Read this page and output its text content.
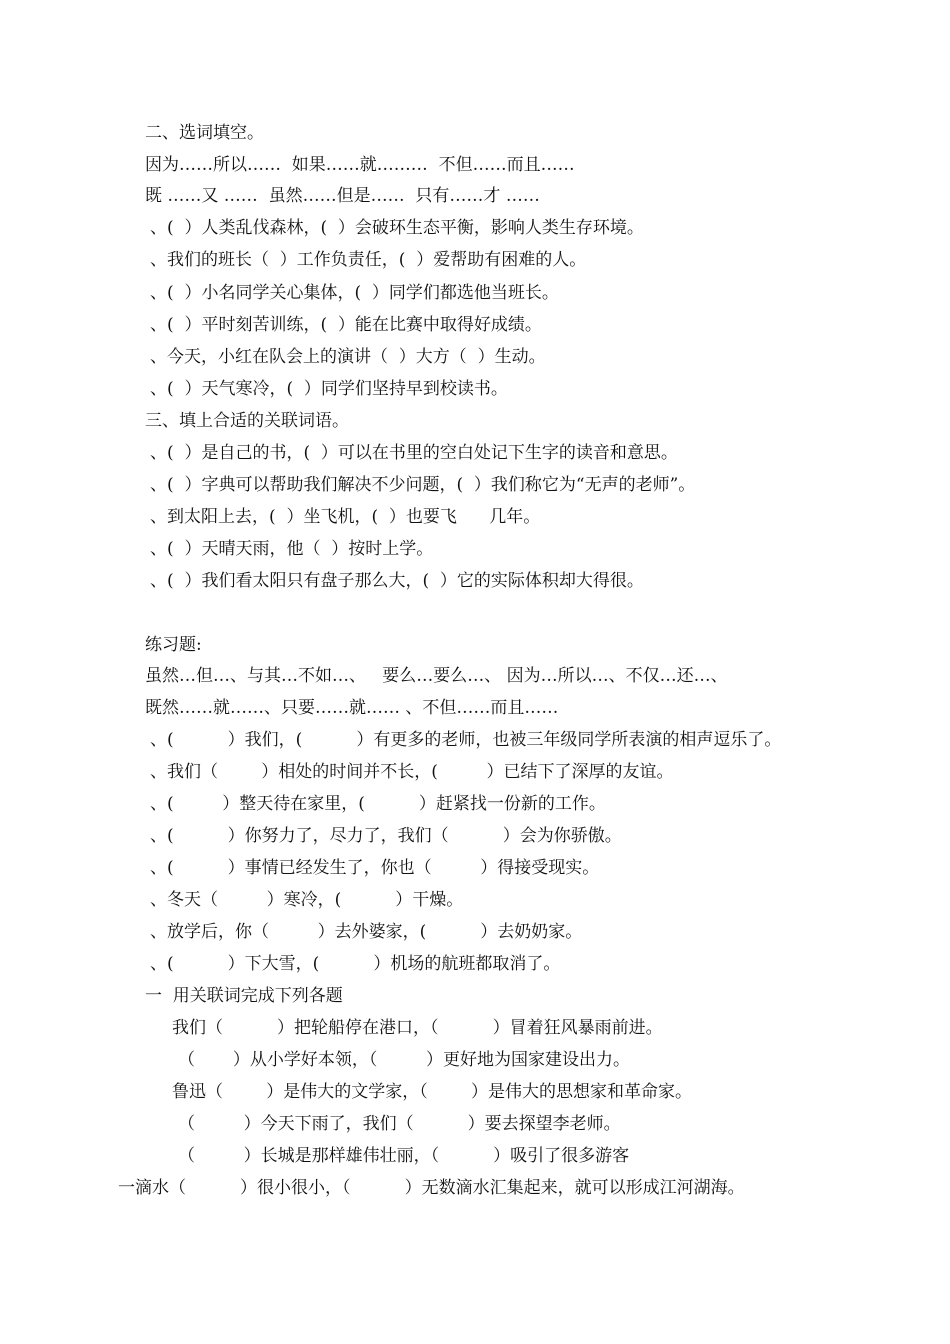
二、选词填空。

因为……所以……  如果……就………  不但……而且……

既 ……又 ……  虽然……但是……  只有……才 ……

、(  ）人类乱伐森林，(  ）会破环生态平衡，影响人类生存环境。

、我们的班长（  ）工作负责任，(  ）爱帮助有困难的人。

、(  ）小名同学关心集体，(  ）同学们都选他当班长。

、(  ）平时刻苦训练，(  ）能在比赛中取得好成绩。

、今天，小红在队会上的演讲（  ）大方（  ）生动。

、(  ）天气寒冷，(  ）同学们坚持早到校读书。

三、填上合适的关联词语。

、(  ）是自己的书，(  ）可以在书里的空白处记下生字的读音和意思。

、(  ）字典可以帮助我们解决不少问题，(  ）我们称它为“无声的老师”。

、到太阳上去，(  ）坐飞机，(  ）也要飞      几年。

、(  ）天晴天雨，他（  ）按时上学。

、(  ）我们看太阳只有盘子那么大，(  ）它的实际体积却大得很。

练习题:

虽然…但…、与其…不如…、   要么…要么…、 因为…所以…、不仅…还…、

既然……就……、只要……就…… 、不但……而且……

、(          ）我们，(          ）有更多的老师，也被三年级同学所表演的相声逗乐了。

、我们（        ）相处的时间并不长，(         ）已结下了深厚的友谊。

、(         ）整天待在家里，(          ）赶紧找一份新的工作。

、(          ）你努力了，尽力了，我们（          ）会为你骄傲。

、(          ）事情已经发生了，你也（         ）得接受现实。

、冬天（         ）寒冷，(          ）干燥。

、放学后，你（         ）去外婆家，(          ）去奶奶家。

、(          ）下大雪，(          ）机场的航班都取消了。

一  用关联词完成下列各题

我们（          ）把轮船停在港口，（          ）冒着狂风暴雨前进。

（       ）从小学好本领，（         ）更好地为国家建设出力。

鲁迅（        ）是伟大的文学家，（        ）是伟大的思想家和革命家。

（         ）今天下雨了，我们（          ）要去探望李老师。

（         ）长城是那样雄伟壮丽，（          ）吸引了很多游客

一滴水（          ）很小很小，（          ）无数滴水汇集起来，就可以形成江河湖海。
